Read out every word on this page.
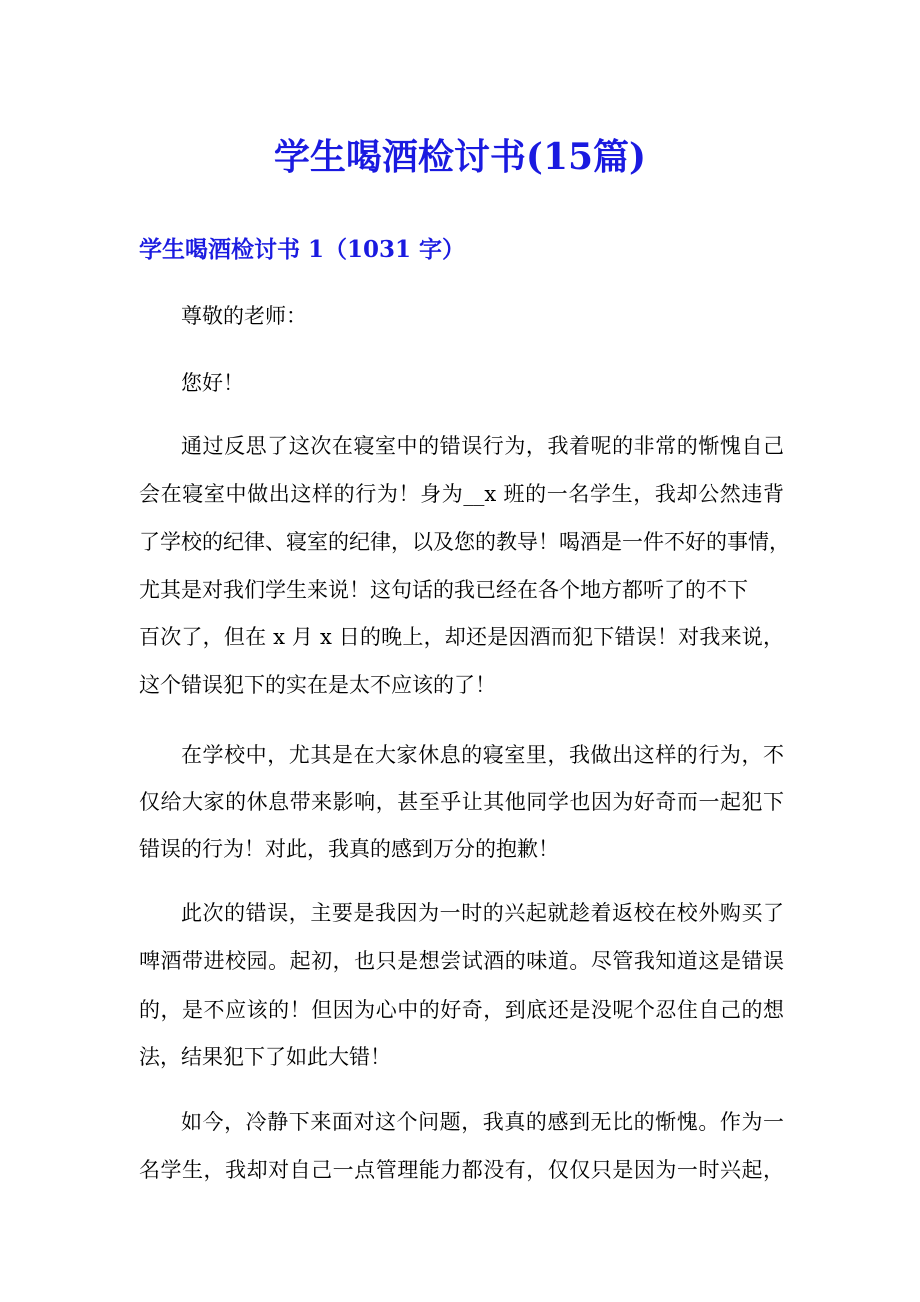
学生喝酒检讨书(15篇)
学生喝酒检讨书 1（1031 字）
尊敬的老师：
您好！
通过反思了这次在寝室中的错误行为，我着呢的非常的惭愧自己
会在寝室中做出这样的行为！身为__x 班的一名学生，我却公然违背
了学校的纪律、寝室的纪律，以及您的教导！喝酒是一件不好的事情，
尤其是对我们学生来说！这句话的我已经在各个地方都听了的不下
百次了，但在 x 月 x 日的晚上，却还是因酒而犯下错误！对我来说，
这个错误犯下的实在是太不应该的了！
在学校中，尤其是在大家休息的寝室里，我做出这样的行为，不
仅给大家的休息带来影响，甚至乎让其他同学也因为好奇而一起犯下
错误的行为！对此，我真的感到万分的抱歉！
此次的错误，主要是我因为一时的兴起就趁着返校在校外购买了
啤酒带进校园。起初，也只是想尝试酒的味道。尽管我知道这是错误
的，是不应该的！但因为心中的好奇，到底还是没呢个忍住自己的想
法，结果犯下了如此大错！
如今，冷静下来面对这个问题，我真的感到无比的惭愧。作为一
名学生，我却对自己一点管理能力都没有，仅仅只是因为一时兴起，
